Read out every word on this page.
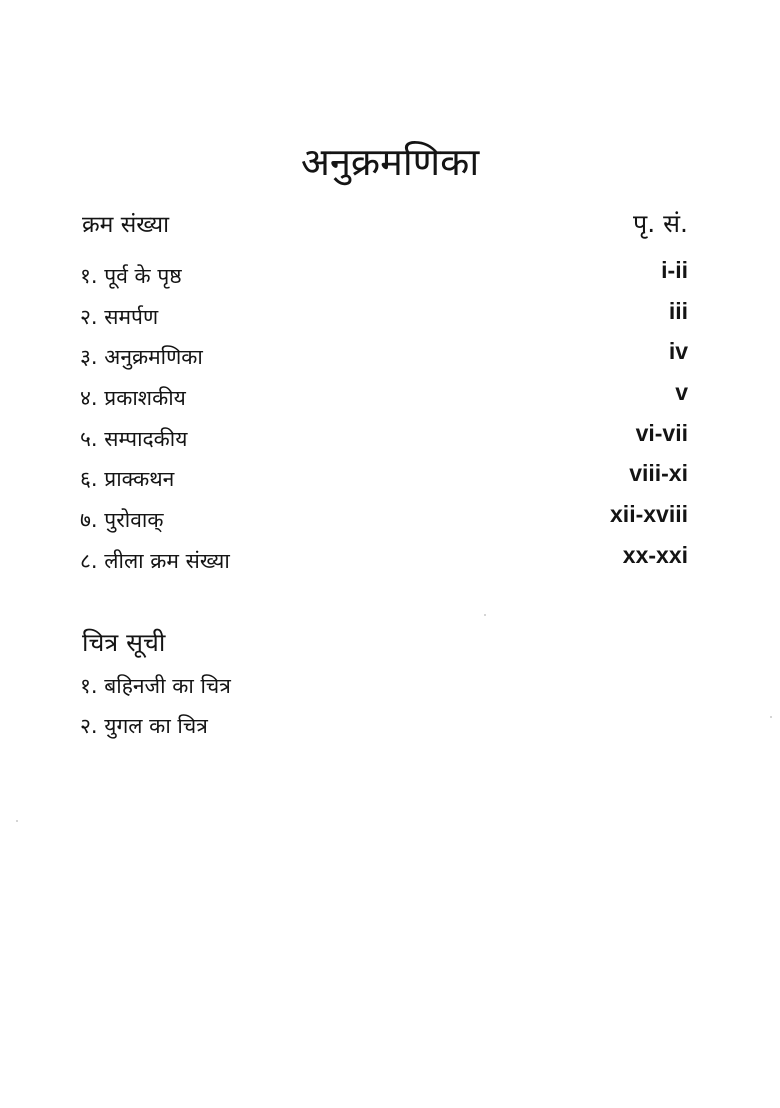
अनुक्रमणिका
क्रम संख्या	पृ. सं.
१. पूर्व के पृष्ठ	i-ii
२. समर्पण	iii
३. अनुक्रमणिका	iv
४. प्रकाशकीय	v
५. सम्पादकीय	vi-vii
६. प्राक्कथन	viii-xi
७. पुरोवाक्	xii-xviii
८. लीला क्रम संख्या	xx-xxi
चित्र सूची
१. बहिनजी का चित्र
२. युगल का चित्र
